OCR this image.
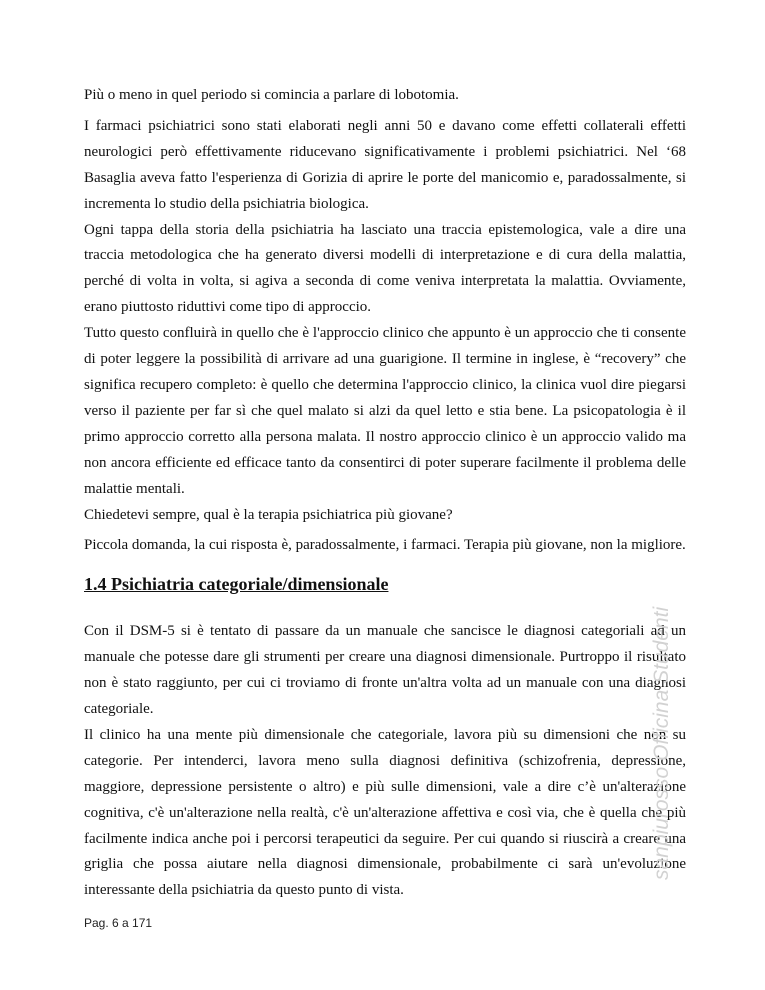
Più o meno in quel periodo si comincia a parlare di lobotomia.

I farmaci psichiatrici sono stati elaborati negli anni 50 e davano come effetti collaterali effetti neurologici però effettivamente riducevano significativamente i problemi psichiatrici. Nel ‘68 Basaglia aveva fatto l'esperienza di Gorizia di aprire le porte del manicomio e, paradossalmente, si incrementa lo studio della psichiatria biologica.

Ogni tappa della storia della psichiatria ha lasciato una traccia epistemologica, vale a dire una traccia metodologica che ha generato diversi modelli di interpretazione e di cura della malattia, perché di volta in volta, si agiva a seconda di come veniva interpretata la malattia. Ovviamente, erano piuttosto riduttivi come tipo di approccio.

Tutto questo confluirà in quello che è l'approccio clinico che appunto è un approccio che ti consente di poter leggere la possibilità di arrivare ad una guarigione. Il termine in inglese, è “recovery” che significa recupero completo: è quello che determina l'approccio clinico, la clinica vuol dire piegarsi verso il paziente per far sì che quel malato si alzi da quel letto e stia bene. La psicopatologia è il primo approccio corretto alla persona malata. Il nostro approccio clinico è un approccio valido ma non ancora efficiente ed efficace tanto da consentirci di poter superare facilmente il problema delle malattie mentali.

Chiedetevi sempre, qual è la terapia psichiatrica più giovane?

Piccola domanda, la cui risposta è, paradossalmente, i farmaci. Terapia più giovane, non la migliore.

1.4 Psichiatria categoriale/dimensionale

Con il DSM-5 si è tentato di passare da un manuale che sancisce le diagnosi categoriali ad un manuale che potesse dare gli strumenti per creare una diagnosi dimensionale. Purtroppo il risultato non è stato raggiunto, per cui ci troviamo di fronte un'altra volta ad un manuale con una diagnosi categoriale.

Il clinico ha una mente più dimensionale che categoriale, lavora più su dimensioni che non su categorie. Per intenderci, lavora meno sulla diagnosi definitiva (schizofrenia, depressione, maggiore, depressione persistente o altro) e più sulle dimensioni, vale a dire c’è un'alterazione cognitiva, c'è un'alterazione nella realtà, c'è un'alterazione affettiva e così via, che è quella che più facilmente indica anche poi i percorsi terapeutici da seguire. Per cui quando si riuscirà a creare una griglia che possa aiutare nella diagnosi dimensionale, probabilmente ci sarà un'evoluzione interessante della psichiatria da questo punto di vista.

sanpiurosso Officina Studenti
Pag. 6 a 171
